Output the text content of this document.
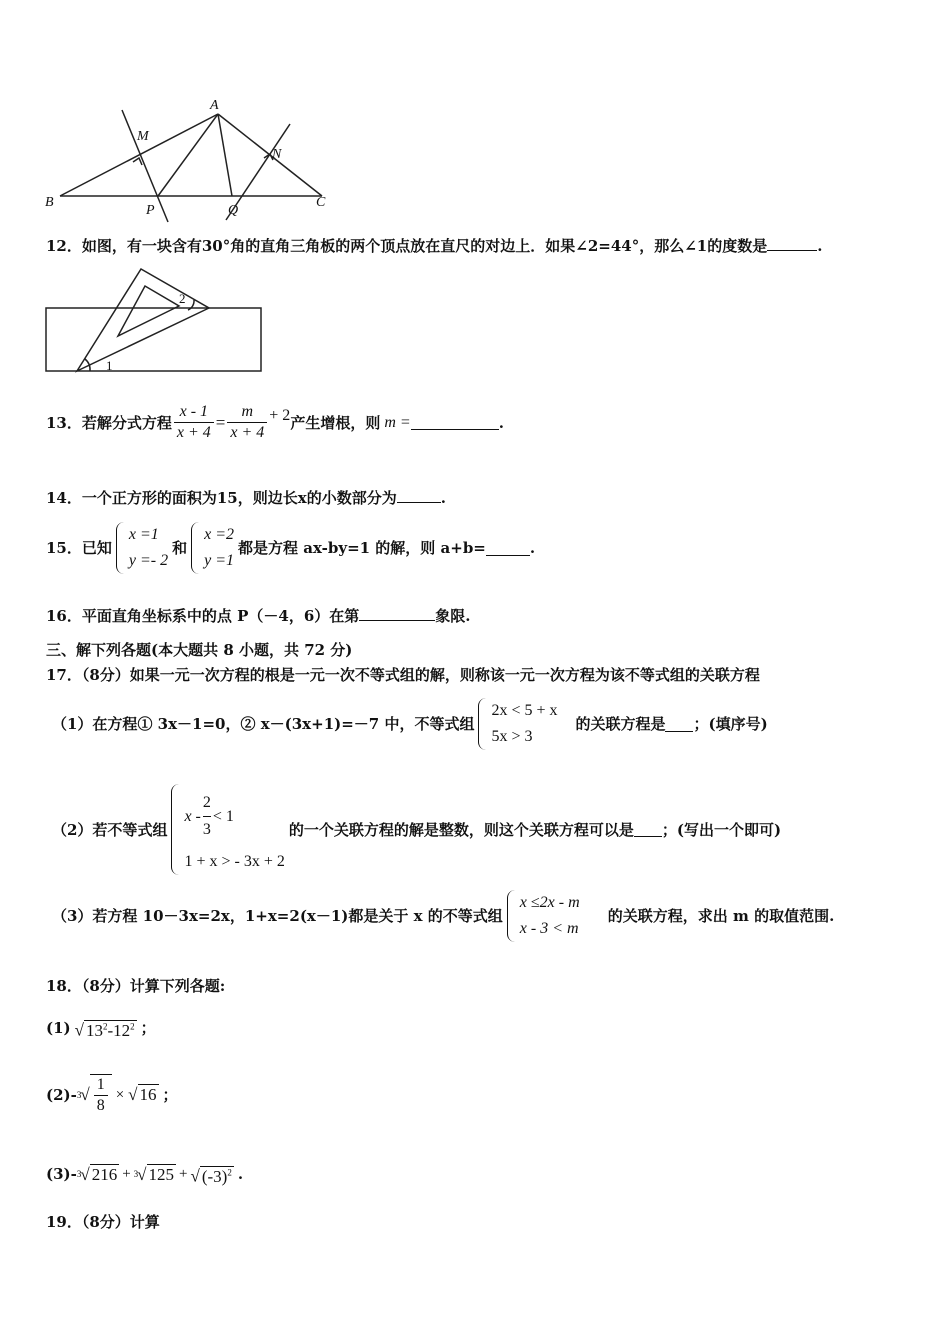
A
M
N
B
P	Q
C
12．如图，有一块含有30°角的直角三角板的两个顶点放在直尺的对边上．如果∠2=44°，那么∠1的度数是	.
2
1
13．若解分式方程 $\frac{x - 1}{x + 4} = \frac{m}{x + 4} + 2$ 产生增根，则 m =	.
14．一个正方形的面积为15，则边长x的小数部分为	.
15．已知
x =1
y =- 2
和
x =2
y =1
都是方程 ax-by=1 的解，则 a+b=	.
16．平面直角坐标系中的点 P（－4，6）在第	象限.
三、解下列各题(本大题共 8 小题，共 72 分)
17．（8分）如果一元一次方程的根是一元一次不等式组的解，则称该一元一次方程为该不等式组的关联方程
（1）在方程① 3x－1=0，② x－(3x+1)=－7 中，不等式组
2x < 5 + x
5x > 3
的关联方程是 ；(填序号)
（2）若不等式组
$x - \frac{2}{3} < 1$
1 + x > - 3x + 2
的一个关联方程的解是整数，则这个关联方程可以是 ；(写出一个即可)
（3）若方程 10－3x=2x，1+x=2(x－1)都是关于 x 的不等式组
x ≤2x - m
x - 3 < m
的关联方程，求出 m 的取值范围.
18．（8分）计算下列各题:
(1) √ $13^2-12^2$ ；
(2)- 3 √ $\frac{1}{8}$ × √ 16 ；
(3)- $^3$√ 216 + $^3$√ 125 + √ $(-3)^2$ .
19．（8分）计算
